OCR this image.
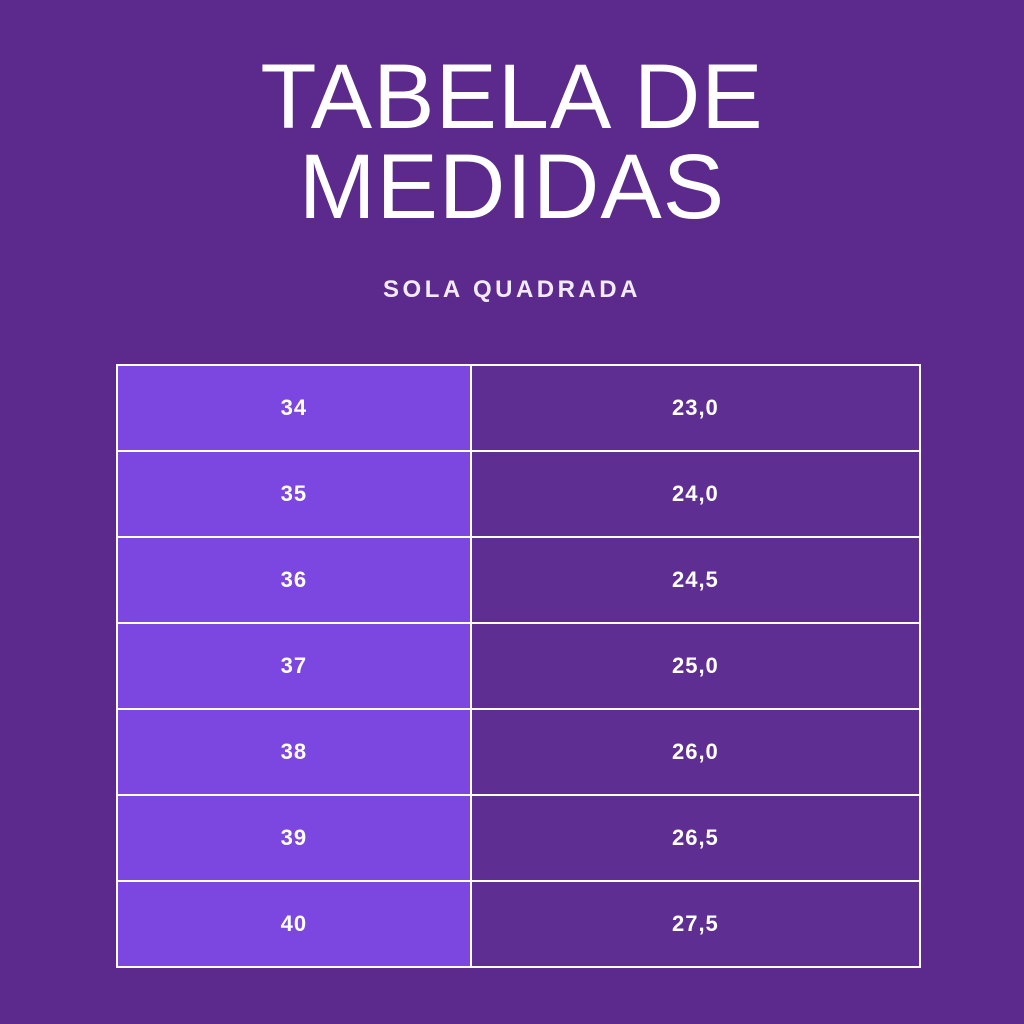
TABELA DE
MEDIDAS
SOLA QUADRADA
34	23,0
35	24,0
36	24,5
37	25,0
38	26,0
39	26,5
40	27,5
